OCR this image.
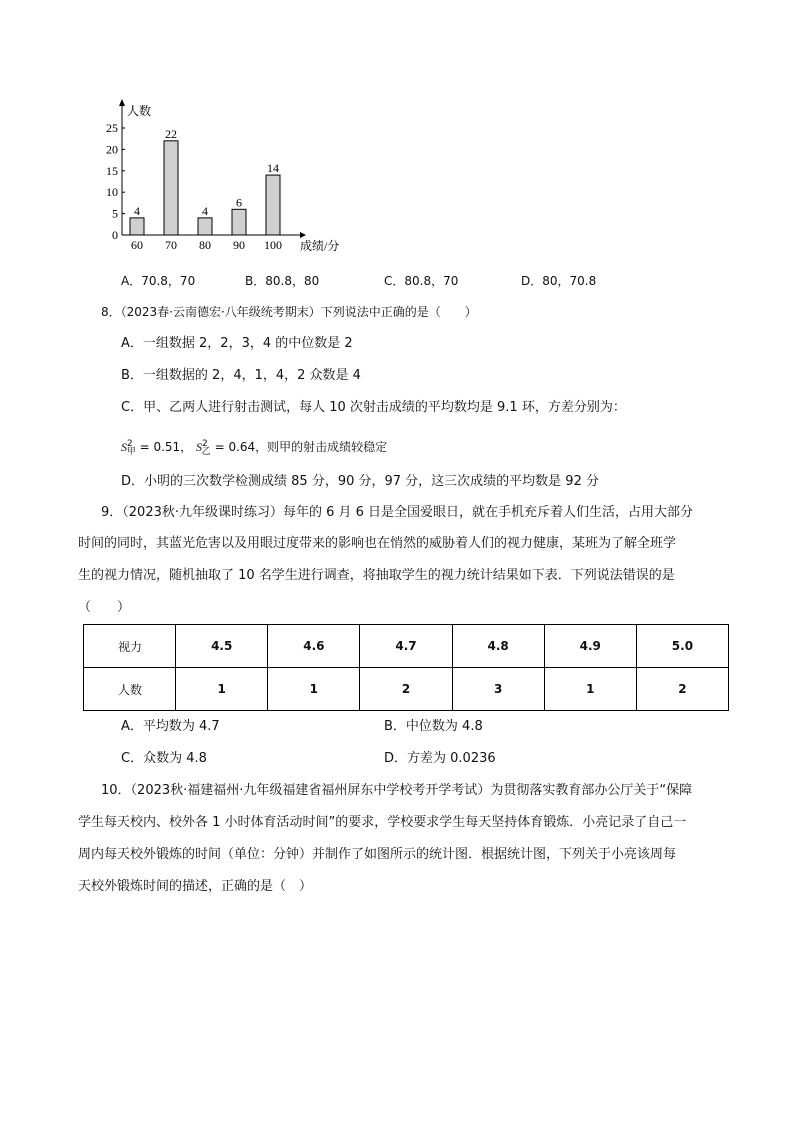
人数
成绩/分
0
5
10
15
20
25
4
60
22
70
4
80
6
90
14
100
A．70.8，70	B．80.8，80	C．80.8，70	D．80，70.8
8．（2023春·云南德宏·八年级统考期末）下列说法中正确的是（　　）
A．一组数据 2，2，3，4 的中位数是 2
B．一组数据的 2，4，1，4，2 众数是 4
C．甲、乙两人进行射击测试，每人 10 次射击成绩的平均数均是 9.1 环，方差分别为：
$S^2_甲 = 0.51$， $S^2_乙 = 0.64$，则甲的射击成绩较稳定
D．小明的三次数学检测成绩 85 分，90 分，97 分，这三次成绩的平均数是 92 分
9．（2023秋·九年级课时练习）每年的 6 月 6 日是全国爱眼日，就在手机充斥着人们生活，占用大部分
时间的同时，其蓝光危害以及用眼过度带来的影响也在悄然的威胁着人们的视力健康，某班为了解全班学
生的视力情况，随机抽取了 10 名学生进行调查，将抽取学生的视力统计结果如下表．下列说法错误的是
（　　）
视力	4.5	4.6	4.7	4.8	4.9	5.0
人数	1	1	2	3	1	2
A．平均数为 4.7	B．中位数为 4.8
C．众数为 4.8	D．方差为 0.0236
10．（2023秋·福建福州·九年级福建省福州屏东中学校考开学考试）为贯彻落实教育部办公厅关于“保障
学生每天校内、校外各 1 小时体育活动时间”的要求，学校要求学生每天坚持体育锻炼．小亮记录了自己一
周内每天校外锻炼的时间（单位：分钟）并制作了如图所示的统计图．根据统计图，下列关于小亮该周每
天校外锻炼时间的描述，正确的是（　）
